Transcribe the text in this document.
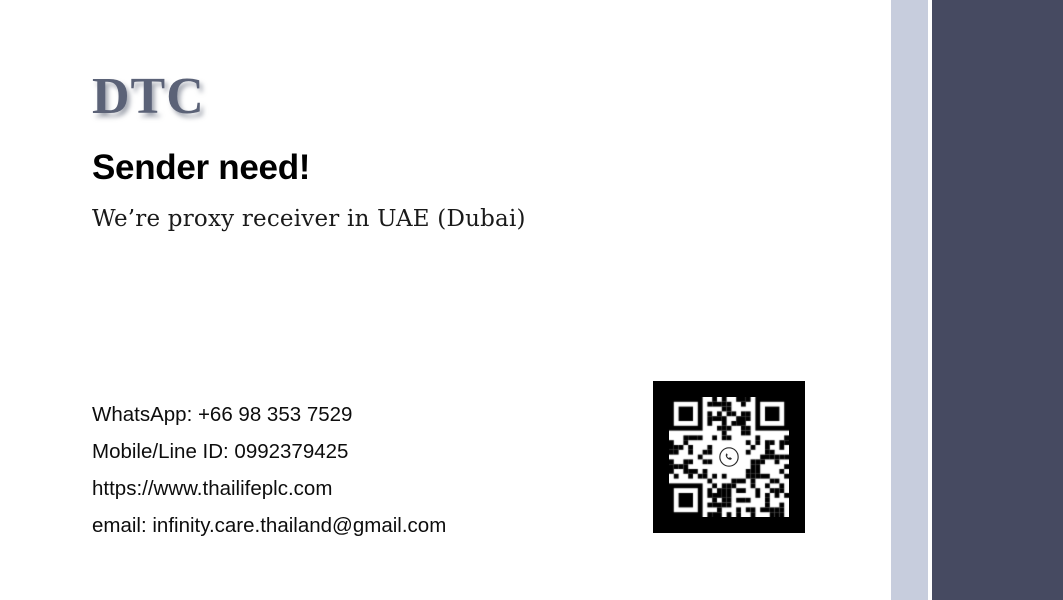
DTC
Sender need!
We’re proxy receiver in UAE (Dubai)
WhatsApp: +66 98 353 7529
Mobile/Line ID: 0992379425
https://www.thailifeplc.com
email: infinity.care.thailand@gmail.com
